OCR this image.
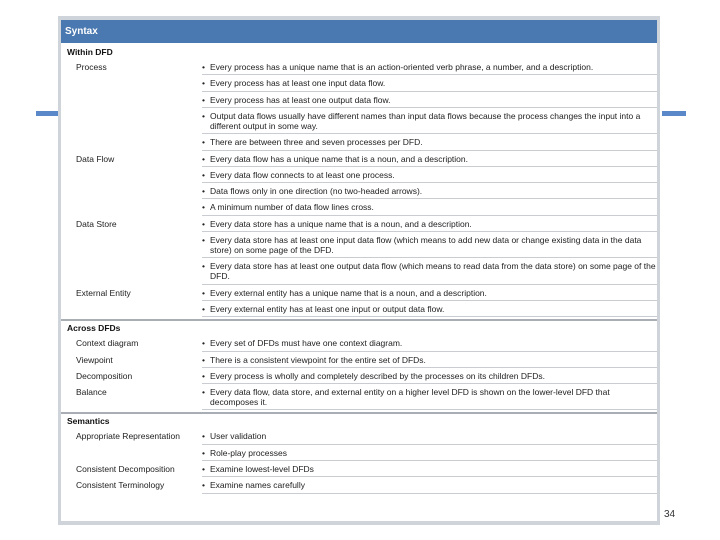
Syntax
Within DFD
Process	• Every process has a unique name that is an action-oriented verb phrase, a number, and a description.
• Every process has at least one input data flow.
• Every process has at least one output data flow.
• Output data flows usually have different names than input data flows because the process changes the input into a different output in some way.
• There are between three and seven processes per DFD.
Data Flow	• Every data flow has a unique name that is a noun, and a description.
• Every data flow connects to at least one process.
• Data flows only in one direction (no two-headed arrows).
• A minimum number of data flow lines cross.
Data Store	• Every data store has a unique name that is a noun, and a description.
• Every data store has at least one input data flow (which means to add new data or change existing data in the data store) on some page of the DFD.
• Every data store has at least one output data flow (which means to read data from the data store) on some page of the DFD.
External Entity	• Every external entity has a unique name that is a noun, and a description.
• Every external entity has at least one input or output data flow.
Across DFDs
Context diagram	• Every set of DFDs must have one context diagram.
Viewpoint	• There is a consistent viewpoint for the entire set of DFDs.
Decomposition	• Every process is wholly and completely described by the processes on its children DFDs.
Balance	• Every data flow, data store, and external entity on a higher level DFD is shown on the lower-level DFD that decomposes it.
Semantics
Appropriate Representation	• User validation
• Role-play processes
Consistent Decomposition	• Examine lowest-level DFDs
Consistent Terminology	• Examine names carefully
34
